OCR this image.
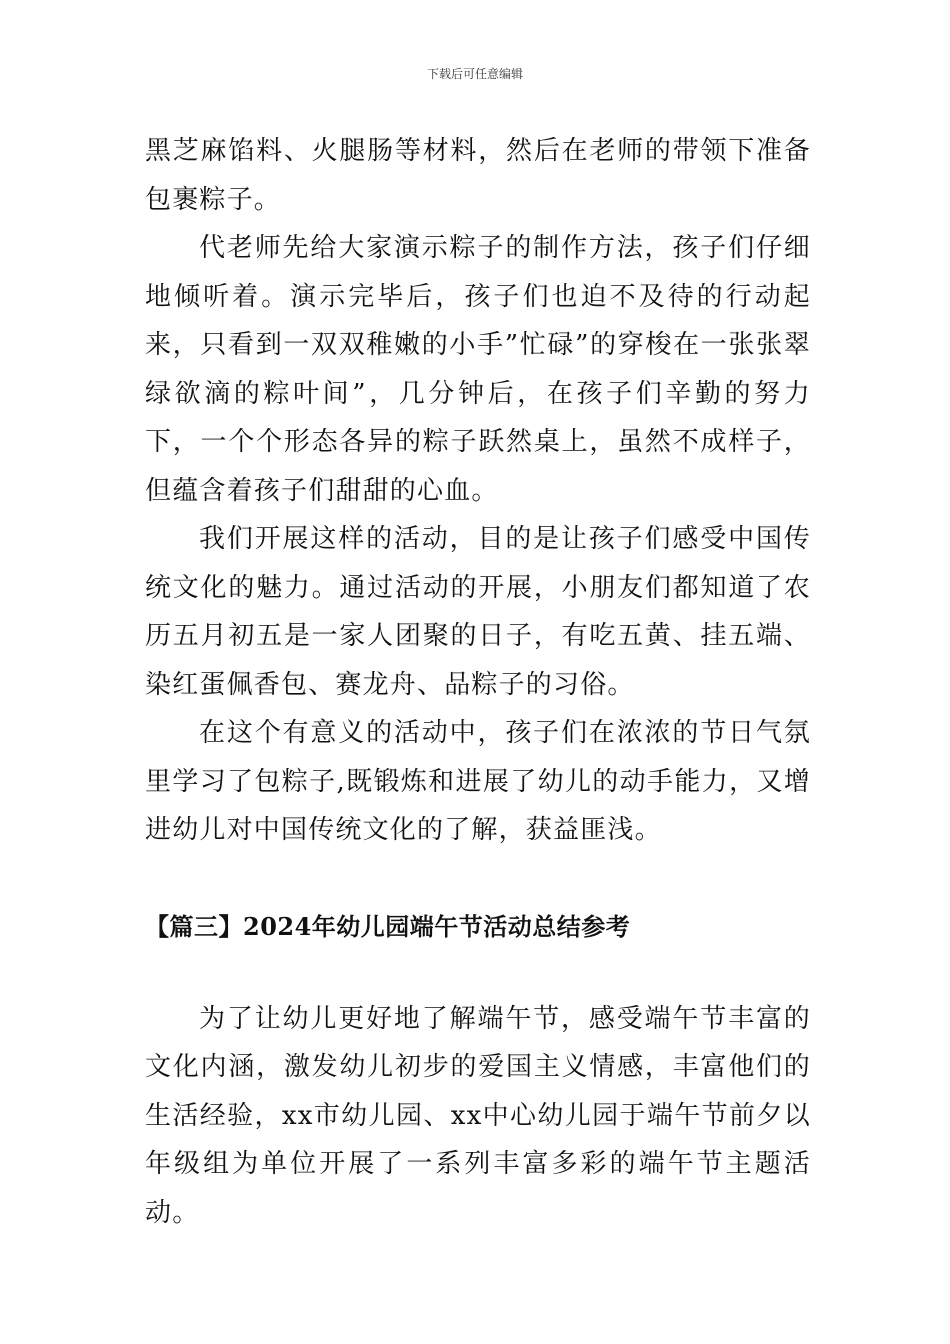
下载后可任意编辑

黑芝麻馅料、火腿肠等材料，然后在老师的带领下准备包裹粽子。

代老师先给大家演示粽子的制作方法，孩子们仔细地倾听着。演示完毕后，孩子们也迫不及待的行动起来，只看到一双双稚嫩的小手”忙碌”的穿梭在一张张翠绿欲滴的粽叶间”，几分钟后，在孩子们辛勤的努力下，一个个形态各异的粽子跃然桌上，虽然不成样子，但蕴含着孩子们甜甜的心血。

我们开展这样的活动，目的是让孩子们感受中国传统文化的魅力。通过活动的开展，小朋友们都知道了农历五月初五是一家人团聚的日子，有吃五黄、挂五端、染红蛋佩香包、赛龙舟、品粽子的习俗。

在这个有意义的活动中，孩子们在浓浓的节日气氛里学习了包粽子,既锻炼和进展了幼儿的动手能力，又增进幼儿对中国传统文化的了解，获益匪浅。

【篇三】2024年幼儿园端午节活动总结参考

为了让幼儿更好地了解端午节，感受端午节丰富的文化内涵，激发幼儿初步的爱国主义情感，丰富他们的生活经验，xx市幼儿园、xx中心幼儿园于端午节前夕以年级组为单位开展了一系列丰富多彩的端午节主题活动。
